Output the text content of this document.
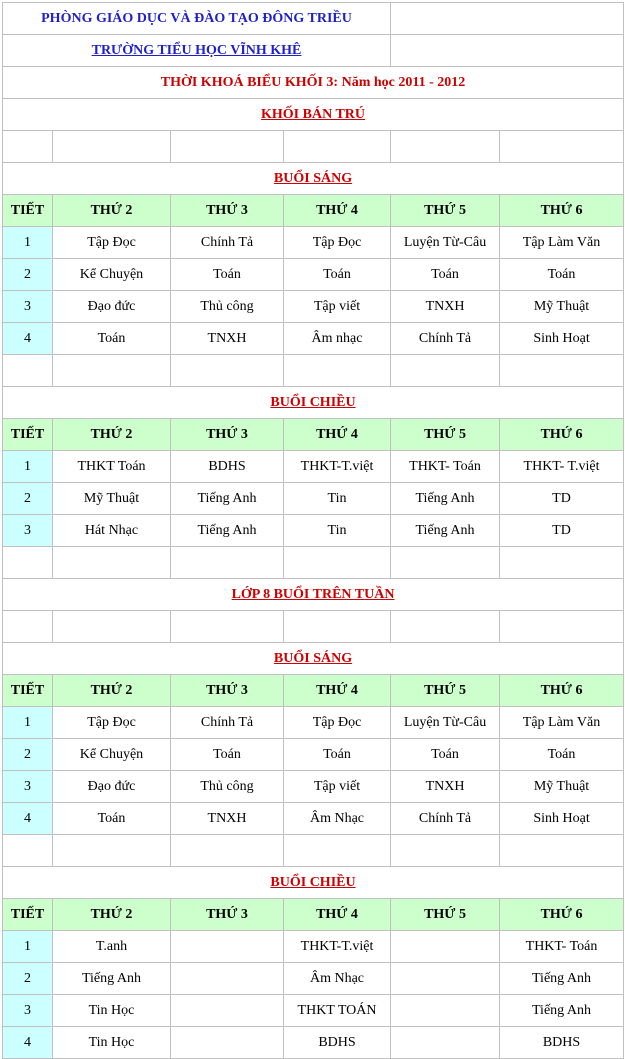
PHÒNG GIÁO DỤC VÀ ĐÀO TẠO ĐÔNG TRIỀU					
TRƯỜNG TIỂU HỌC VĨNH KHÊ					
THỜI KHOÁ BIỂU KHỐI 3: Năm học 2011 - 2012					
KHỐI BÁN TRÚ					

BUỔI SÁNG					
TIẾT	THỨ 2	THỨ 3	THỨ 4	THỨ 5	THỨ 6
1	Tập Đọc	Chính Tả	Tập Đọc	Luyện Từ-Câu	Tập Làm Văn
2	Kể Chuyện	Toán	Toán	Toán	Toán
3	Đạo đức	Thủ công	Tập viết	TNXH	Mỹ Thuật
4	Toán	TNXH	Âm nhạc	Chính Tả	Sinh Hoạt

BUỔI CHIỀU					
TIẾT	THỨ 2	THỨ 3	THỨ 4	THỨ 5	THỨ 6
1	THKT Toán	BDHS	THKT-T.việt	THKT- Toán	THKT- T.việt
2	Mỹ Thuật	Tiếng Anh	Tin	Tiếng Anh	TD
3	Hát Nhạc	Tiếng Anh	Tin	Tiếng Anh	TD

LỚP 8 BUỔI TRÊN TUẦN					

BUỔI SÁNG					
TIẾT	THỨ 2	THỨ 3	THỨ 4	THỨ 5	THỨ 6
1	Tập Đọc	Chính Tả	Tập Đọc	Luyện Từ-Câu	Tập Làm Văn
2	Kể Chuyện	Toán	Toán	Toán	Toán
3	Đạo đức	Thủ công	Tập viết	TNXH	Mỹ Thuật
4	Toán	TNXH	Âm Nhạc	Chính Tả	Sinh Hoạt

BUỔI CHIỀU					
TIẾT	THỨ 2	THỨ 3	THỨ 4	THỨ 5	THỨ 6
1	T.anh		THKT-T.việt		THKT- Toán
2	Tiếng Anh		Âm Nhạc		Tiếng Anh
3	Tin Học		THKT TOÁN		Tiếng Anh
4	Tin Học		BDHS		BDHS
